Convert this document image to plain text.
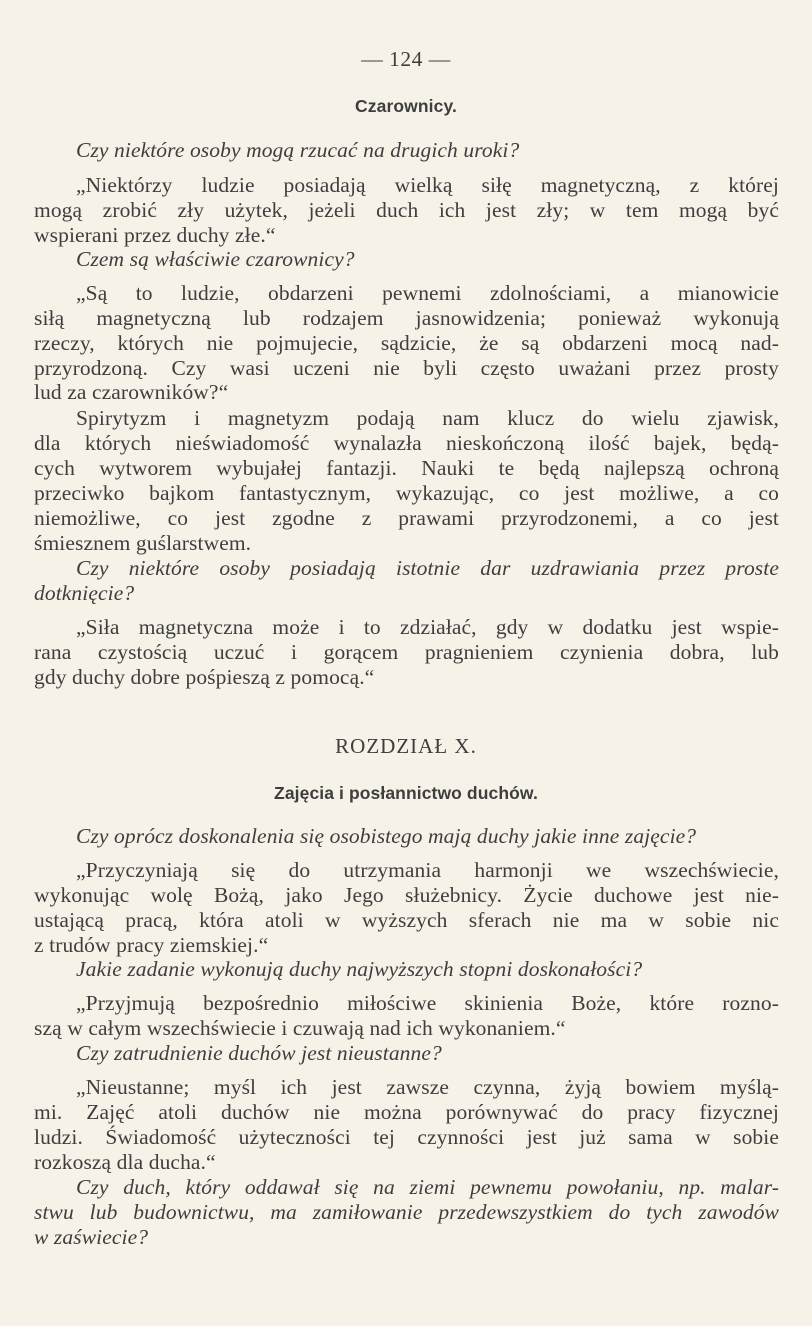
— 124 —
Czarownicy.
Czy niektóre osoby mogą rzucać na drugich uroki?
„Niektórzy ludzie posiadają wielką siłę magnetyczną, z której
mogą zrobić zły użytek, jeżeli duch ich jest zły; w tem mogą być
wspierani przez duchy złe.“
Czem są właściwie czarownicy?
„Są to ludzie, obdarzeni pewnemi zdolnościami, a mianowicie
siłą magnetyczną lub rodzajem jasnowidzenia; ponieważ wykonują
rzeczy, których nie pojmujecie, sądzicie, że są obdarzeni mocą nad-
przyrodzoną. Czy wasi uczeni nie byli często uważani przez prosty
lud za czarowników?“
Spirytyzm i magnetyzm podają nam klucz do wielu zjawisk,
dla których nieświadomość wynalazła nieskończoną ilość bajek, będą-
cych wytworem wybujałej fantazji. Nauki te będą najlepszą ochroną
przeciwko bajkom fantastycznym, wykazując, co jest możliwe, a co
niemożliwe, co jest zgodne z prawami przyrodzonemi, a co jest
śmiesznem guślarstwem.
Czy niektóre osoby posiadają istotnie dar uzdrawiania przez proste
dotknięcie?
„Siła magnetyczna może i to zdziałać, gdy w dodatku jest wspie-
rana czystością uczuć i gorącem pragnieniem czynienia dobra, lub
gdy duchy dobre pośpieszą z pomocą.“
ROZDZIAŁ X.
Zajęcia i posłannictwo duchów.
Czy oprócz doskonalenia się osobistego mają duchy jakie inne zajęcie?
„Przyczyniają się do utrzymania harmonji we wszechświecie,
wykonując wolę Bożą, jako Jego służebnicy. Życie duchowe jest nie-
ustającą pracą, która atoli w wyższych sferach nie ma w sobie nic
z trudów pracy ziemskiej.“
Jakie zadanie wykonują duchy najwyższych stopni doskonałości?
„Przyjmują bezpośrednio miłościwe skinienia Boże, które rozno-
szą w całym wszechświecie i czuwają nad ich wykonaniem.“
Czy zatrudnienie duchów jest nieustanne?
„Nieustanne; myśl ich jest zawsze czynna, żyją bowiem myślą-
mi. Zajęć atoli duchów nie można porównywać do pracy fizycznej
ludzi. Świadomość użyteczności tej czynności jest już sama w sobie
rozkoszą dla ducha.“
Czy duch, który oddawał się na ziemi pewnemu powołaniu, np. malar-
stwu lub budownictwu, ma zamiłowanie przedewszystkiem do tych zawodów
w zaświecie?
